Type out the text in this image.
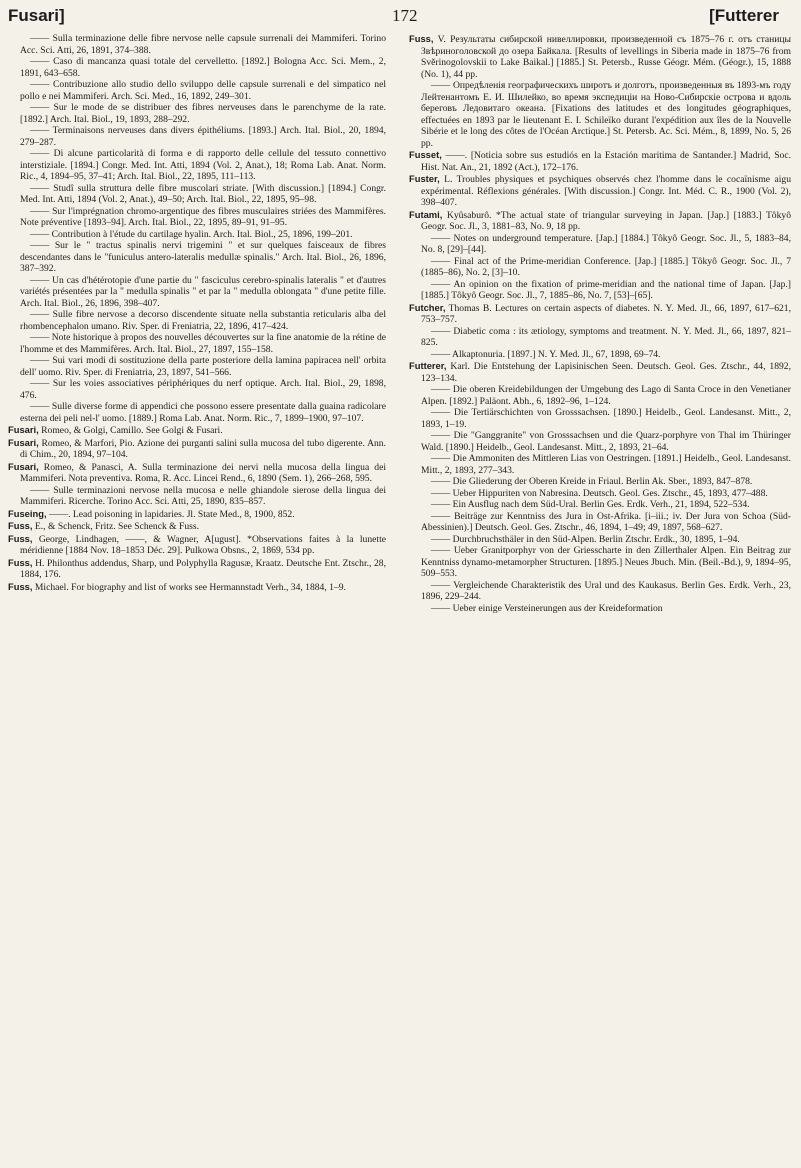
Fusari]	172	[Futterer

—— Sulla terminazione delle fibre nervose nelle capsule surrenali dei Mammiferi. Torino Acc. Sci. Atti, 26, 1891, 374–388.

—— Caso di mancanza quasi totale del cervelletto. [1892.] Bologna Acc. Sci. Mem., 2, 1891, 643–658.

—— Contribuzione allo studio dello sviluppo delle capsule surrenali e del simpatico nel pollo e nei Mammiferi. Arch. Sci. Med., 16, 1892, 249–301.

—— Sur le mode de se distribuer des fibres nerveuses dans le parenchyme de la rate. [1892.] Arch. Ital. Biol., 19, 1893, 288–292.

—— Terminaisons nerveuses dans divers épithéliums. [1893.] Arch. Ital. Biol., 20, 1894, 279–287.

—— Di alcune particolarità di forma e di rapporto delle cellule del tessuto connettivo interstiziale. [1894.] Congr. Med. Int. Atti, 1894 (Vol. 2, Anat.), 18; Roma Lab. Anat. Norm. Ric., 4, 1894–95, 37–41; Arch. Ital. Biol., 22, 1895, 111–113.

—— Studî sulla struttura delle fibre muscolari striate. [With discussion.] [1894.] Congr. Med. Int. Atti, 1894 (Vol. 2, Anat.), 49–50; Arch. Ital. Biol., 22, 1895, 95–98.

—— Sur l'imprégnation chromo-argentique des fibres musculaires striées des Mammifères. Note préventive [1893–94]. Arch. Ital. Biol., 22, 1895, 89–91, 91–95.

—— Contribution à l'étude du cartilage hyalin. Arch. Ital. Biol., 25, 1896, 199–201.

—— Sur le " tractus spinalis nervi trigemini " et sur quelques faisceaux de fibres descendantes dans le "funiculus antero-lateralis medullæ spinalis." Arch. Ital. Biol., 26, 1896, 387–392.

—— Un cas d'hétérotopie d'une partie du " fasciculus cerebro-spinalis lateralis " et d'autres variétés présentées par la " medulla spinalis " et par la " medulla oblongata " d'une petite fille. Arch. Ital. Biol., 26, 1896, 398–407.

—— Sulle fibre nervose a decorso discendente situate nella substantia reticularis alba del rhombencephalon umano. Riv. Sper. di Freniatria, 22, 1896, 417–424.

—— Note historique à propos des nouvelles découvertes sur la fine anatomie de la rétine de l'homme et des Mammifères. Arch. Ital. Biol., 27, 1897, 155–158.

—— Sui vari modi di sostituzione della parte posteriore della lamina papiracea nell' orbita dell' uomo. Riv. Sper. di Freniatria, 23, 1897, 541–566.

—— Sur les voies associatives périphériques du nerf optique. Arch. Ital. Biol., 29, 1898, 476.

—— Sulle diverse forme di appendici che possono essere presentate dalla guaina radicolare esterna dei peli nel-l' uomo. [1889.] Roma Lab. Anat. Norm. Ric., 7, 1899–1900, 97–107.

Fusari, Romeo, & Golgi, Camillo. See Golgi & Fusari.

Fusari, Romeo, & Marfori, Pio. Azione dei purganti salini sulla mucosa del tubo digerente. Ann. di Chim., 20, 1894, 97–104.

Fusari, Romeo, & Panasci, A. Sulla terminazione dei nervi nella mucosa della lingua dei Mammiferi. Nota preventiva. Roma, R. Acc. Lincei Rend., 6, 1890 (Sem. 1), 266–268, 595.

—— Sulle terminazioni nervose nella mucosa e nelle ghiandole sierose della lingua dei Mammiferi. Ricerche. Torino Acc. Sci. Atti, 25, 1890, 835–857.

Fuseing, ——. Lead poisoning in lapidaries. Jl. State Med., 8, 1900, 852.

Fuss, E., & Schenck, Fritz. See Schenck & Fuss.

Fuss, George, Lindhagen, ——, & Wagner, A[ugust]. *Observations faites à la lunette méridienne [1884 Nov. 18–1853 Déc. 29]. Pulkowa Obsns., 2, 1869, 534 pp.

Fuss, H. Philonthus addendus, Sharp, und Polyphylla Ragusæ, Kraatz. Deutsche Ent. Ztschr., 28, 1884, 176.

Fuss, Michael. For biography and list of works see Hermannstadt Verh., 34, 1884, 1–9.

Fuss, V. Результаты сибирской нивеллировки, произведенной съ 1875–76 г. отъ станицы Звѣриноголовской до озера Байкала. [Results of levellings in Siberia made in 1875–76 from Svěrinogolovskii to Lake Baikal.] [1885.] St. Petersb., Russe Géogr. Mém. (Géogr.), 15, 1888 (No. 1), 44 pp.

—— Опредѣленія географическихъ широтъ и долготъ, произведенныя въ 1893-мъ году Лейтенантомъ Е. И. Шилейко, во время экспедиціи на Ново-Сибирскіе острова и вдоль береговъ Ледовитаго океана. [Fixations des latitudes et des longitudes géographiques, effectuées en 1893 par le lieutenant E. I. Schileïko durant l'expédition aux îles de la Nouvelle Sibérie et le long des côtes de l'Océan Arctique.] St. Petersb. Ac. Sci. Mém., 8, 1899, No. 5, 26 pp.

Fusset, ——. [Noticia sobre sus estudiós en la Estación maritima de Santander.] Madrid, Soc. Hist. Nat. An., 21, 1892 (Act.), 172–176.

Fuster, L. Troubles physiques et psychiques observés chez l'homme dans le cocaïnisme aigu expérimental. Réflexions générales. [With discussion.] Congr. Int. Méd. C. R., 1900 (Vol. 2), 398–407.

Futami, Kyûsaburô. *The actual state of triangular surveying in Japan. [Jap.] [1883.] Tôkyô Geogr. Soc. Jl., 3, 1881–83, No. 9, 18 pp.

—— Notes on underground temperature. [Jap.] [1884.] Tôkyô Geogr. Soc. Jl., 5, 1883–84, No. 8, [29]–[44].

—— Final act of the Prime-meridian Conference. [Jap.] [1885.] Tôkyô Geogr. Soc. Jl., 7 (1885–86), No. 2, [3]–10.

—— An opinion on the fixation of prime-meridian and the national time of Japan. [Jap.] [1885.] Tôkyô Geogr. Soc. Jl., 7, 1885–86, No. 7, [53]–[65].

Futcher, Thomas B. Lectures on certain aspects of diabetes. N. Y. Med. Jl., 66, 1897, 617–621, 753–757.

—— Diabetic coma : its ætiology, symptoms and treatment. N. Y. Med. Jl., 66, 1897, 821–825.

—— Alkaptonuria. [1897.] N. Y. Med. Jl., 67, 1898, 69–74.

Futterer, Karl. Die Entstehung der Lapisinischen Seen. Deutsch. Geol. Ges. Ztschr., 44, 1892, 123–134.

—— Die oberen Kreidebildungen der Umgebung des Lago di Santa Croce in den Venetianer Alpen. [1892.] Paläont. Abh., 6, 1892–96, 1–124.

—— Die Tertiärschichten von Grosssachsen. [1890.] Heidelb., Geol. Landesanst. Mitt., 2, 1893, 1–19.

—— Die "Ganggranite" von Grosssachsen und die Quarz-porphyre von Thal im Thüringer Wald. [1890.] Heidelb., Geol. Landesanst. Mitt., 2, 1893, 21–64.

—— Die Ammoniten des Mittleren Lias von Oestringen. [1891.] Heidelb., Geol. Landesanst. Mitt., 2, 1893, 277–343.

—— Die Gliederung der Oberen Kreide in Friaul. Berlin Ak. Sber., 1893, 847–878.

—— Ueber Hippuriten von Nabresina. Deutsch. Geol. Ges. Ztschr., 45, 1893, 477–488.

—— Ein Ausflug nach dem Süd-Ural. Berlin Ges. Erdk. Verh., 21, 1894, 522–534.

—— Beiträge zur Kenntniss des Jura in Ost-Afrika. [i–iii.; iv. Der Jura von Schoa (Süd-Abessinien).] Deutsch. Geol. Ges. Ztschr., 46, 1894, 1–49; 49, 1897, 568–627.

—— Durchbruchsthäler in den Süd-Alpen. Berlin Ztschr. Erdk., 30, 1895, 1–94.

—— Ueber Granitporphyr von der Griesscharte in den Zillerthaler Alpen. Ein Beitrag zur Kenntniss dynamo-metamorpher Structuren. [1895.] Neues Jbuch. Min. (Beil.-Bd.), 9, 1894–95, 509–553.

—— Vergleichende Charakteristik des Ural und des Kaukasus. Berlin Ges. Erdk. Verh., 23, 1896, 229–244.

—— Ueber einige Versteinerungen aus der Kreideformation
